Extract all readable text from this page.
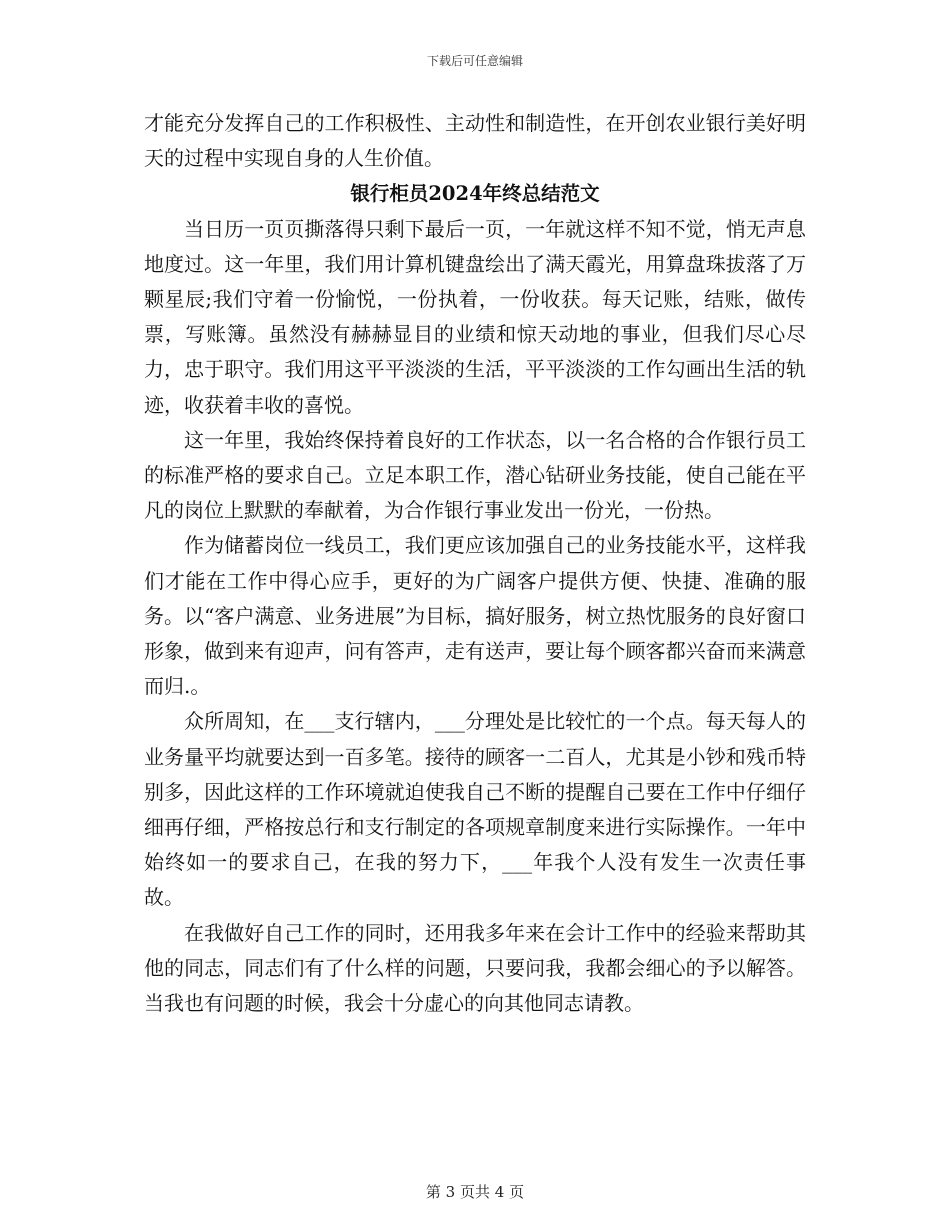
下载后可任意编辑

才能充分发挥自己的工作积极性、主动性和制造性，在开创农业银行美好明天的过程中实现自身的人生价值。

银行柜员2024年终总结范文

当日历一页页撕落得只剩下最后一页，一年就这样不知不觉，悄无声息地度过。这一年里，我们用计算机键盘绘出了满天霞光，用算盘珠拔落了万颗星辰;我们守着一份愉悦，一份执着，一份收获。每天记账，结账，做传票，写账簿。虽然没有赫赫显目的业绩和惊天动地的事业，但我们尽心尽力，忠于职守。我们用这平平淡淡的生活，平平淡淡的工作勾画出生活的轨迹，收获着丰收的喜悦。

这一年里，我始终保持着良好的工作状态，以一名合格的合作银行员工的标准严格的要求自己。立足本职工作，潜心钻研业务技能，使自己能在平凡的岗位上默默的奉献着，为合作银行事业发出一份光，一份热。

作为储蓄岗位一线员工，我们更应该加强自己的业务技能水平，这样我们才能在工作中得心应手，更好的为广阔客户提供方便、快捷、准确的服务。以“客户满意、业务进展”为目标，搞好服务，树立热忱服务的良好窗口形象，做到来有迎声，问有答声，走有送声，要让每个顾客都兴奋而来满意而归.。

众所周知，在___支行辖内，___分理处是比较忙的一个点。每天每人的业务量平均就要达到一百多笔。接待的顾客一二百人，尤其是小钞和残币特别多，因此这样的工作环境就迫使我自己不断的提醒自己要在工作中仔细仔细再仔细，严格按总行和支行制定的各项规章制度来进行实际操作。一年中始终如一的要求自己，在我的努力下，___年我个人没有发生一次责任事故。

在我做好自己工作的同时，还用我多年来在会计工作中的经验来帮助其他的同志，同志们有了什么样的问题，只要问我，我都会细心的予以解答。当我也有问题的时候，我会十分虚心的向其他同志请教。

第 3 页共 4 页
